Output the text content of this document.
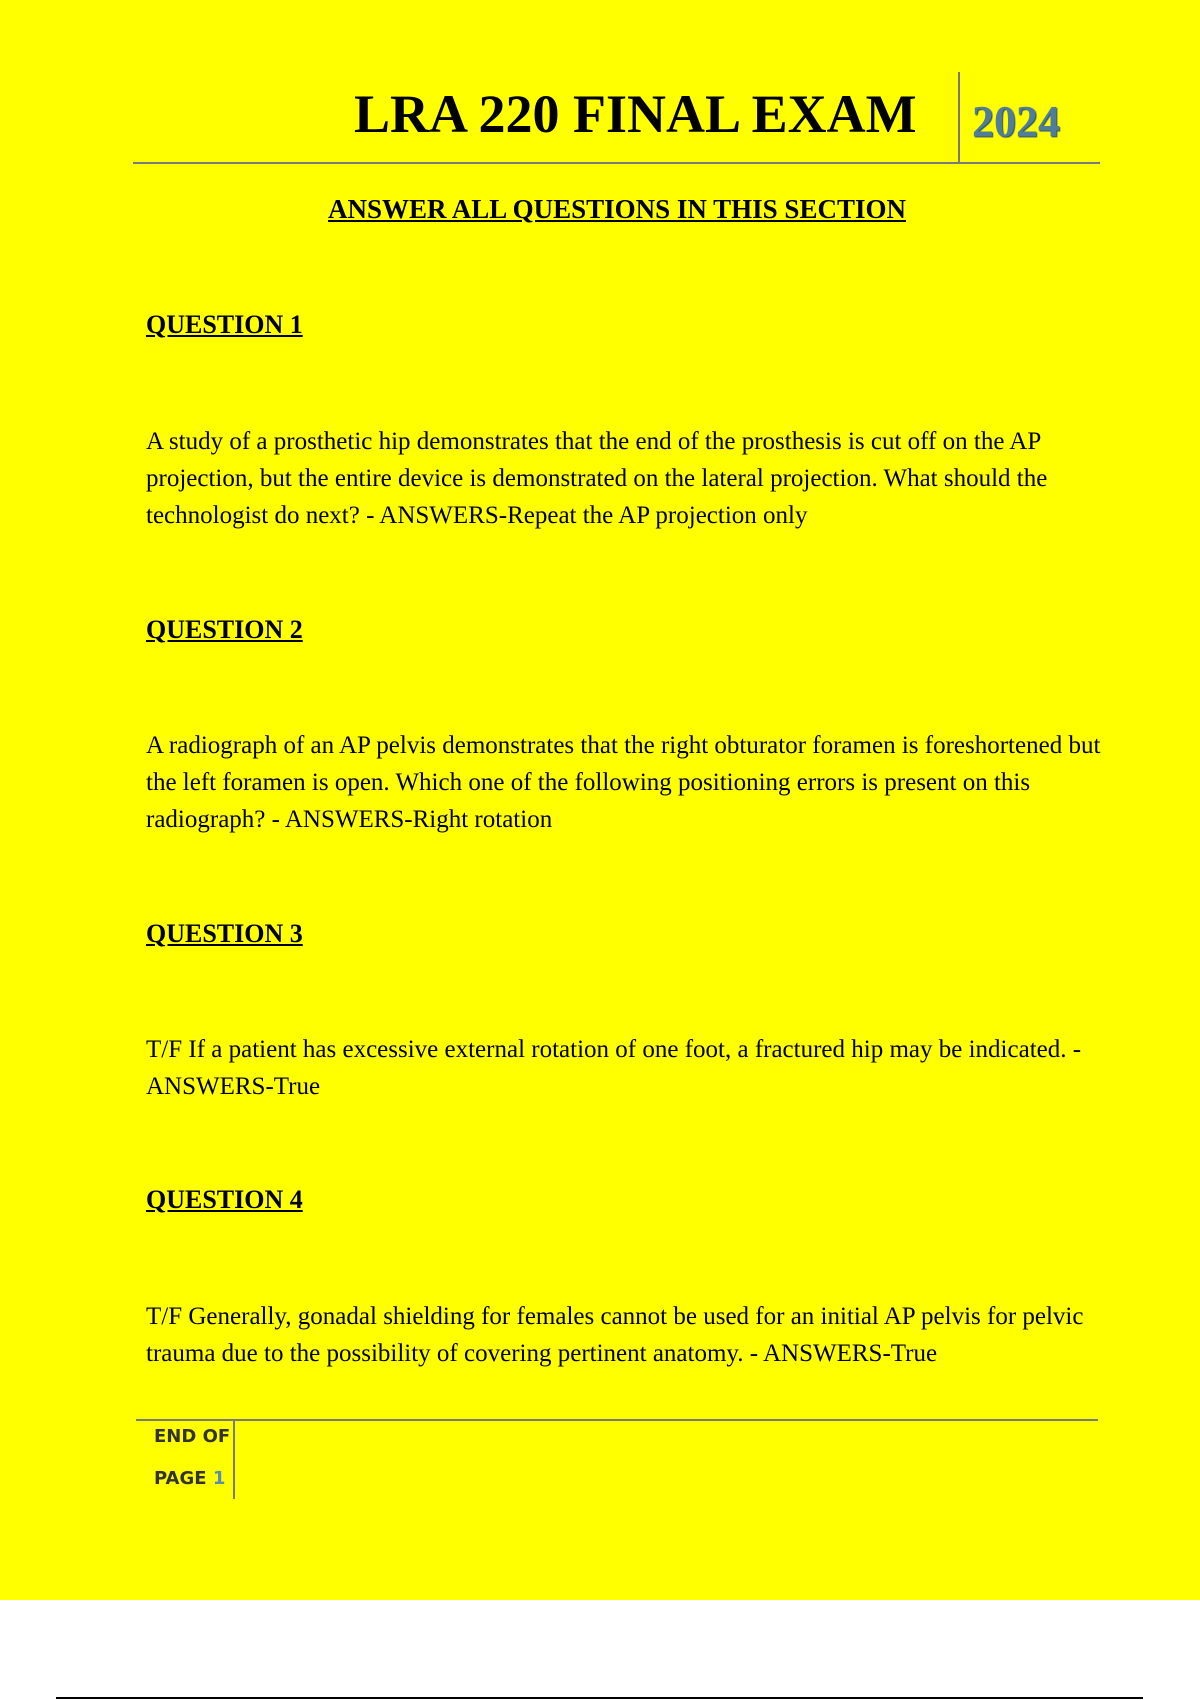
LRA 220 FINAL EXAM 2024
ANSWER ALL QUESTIONS IN THIS SECTION
QUESTION 1
A study of a prosthetic hip demonstrates that the end of the prosthesis is cut off on the AP projection, but the entire device is demonstrated on the lateral projection. What should the technologist do next? - ANSWERS-Repeat the AP projection only
QUESTION 2
A radiograph of an AP pelvis demonstrates that the right obturator foramen is foreshortened but the left foramen is open. Which one of the following positioning errors is present on this radiograph? - ANSWERS-Right rotation
QUESTION 3
T/F If a patient has excessive external rotation of one foot, a fractured hip may be indicated. - ANSWERS-True
QUESTION 4
T/F Generally, gonadal shielding for females cannot be used for an initial AP pelvis for pelvic trauma due to the possibility of covering pertinent anatomy. - ANSWERS-True
END OF
PAGE 1
